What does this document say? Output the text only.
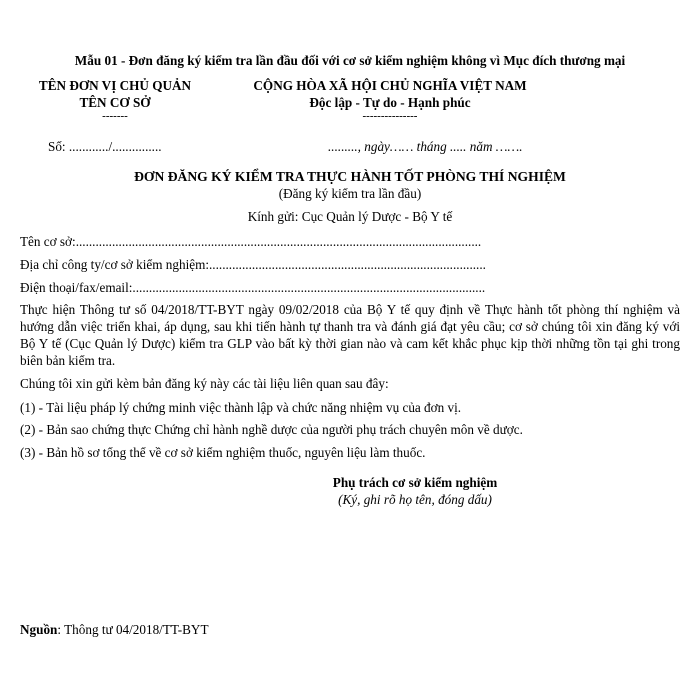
Mẫu 01 - Đơn đăng ký kiểm tra lần đầu đối với cơ sở kiểm nghiệm không vì Mục đích thương mại
TÊN ĐƠN VỊ CHỦ QUẢN
TÊN CƠ SỞ
-------
CỘNG HÒA XÃ HỘI CHỦ NGHĨA VIỆT NAM
Độc lập - Tự do - Hạnh phúc
---------------
Số: ............/...............	........., ngày…… tháng ..... năm …….
ĐƠN ĐĂNG KÝ KIỂM TRA THỰC HÀNH TỐT PHÒNG THÍ NGHIỆM
(Đăng ký kiểm tra lần đầu)
Kính gửi: Cục Quản lý Dược - Bộ Y tế
Tên cơ sở:...........................................................................................................................
Địa chỉ công ty/cơ sở kiểm nghiệm:....................................................................................
Điện thoại/fax/email:...........................................................................................................
Thực hiện Thông tư số 04/2018/TT-BYT ngày 09/02/2018 của Bộ Y tế quy định về Thực hành tốt phòng thí nghiệm và hướng dẫn việc triển khai, áp dụng, sau khi tiến hành tự thanh tra và đánh giá đạt yêu cầu; cơ sở chúng tôi xin đăng ký với Bộ Y tế (Cục Quản lý Dược) kiểm tra GLP vào bất kỳ thời gian nào và cam kết khắc phục kịp thời những tồn tại ghi trong biên bản kiểm tra.
Chúng tôi xin gửi kèm bản đăng ký này các tài liệu liên quan sau đây:
(1) - Tài liệu pháp lý chứng minh việc thành lập và chức năng nhiệm vụ của đơn vị.
(2) - Bản sao chứng thực Chứng chỉ hành nghề dược của người phụ trách chuyên môn về dược.
(3) - Bản hồ sơ tổng thể về cơ sở kiểm nghiệm thuốc, nguyên liệu làm thuốc.
Phụ trách cơ sở kiểm nghiệm
(Ký, ghi rõ họ tên, đóng dấu)
Nguồn: Thông tư 04/2018/TT-BYT
